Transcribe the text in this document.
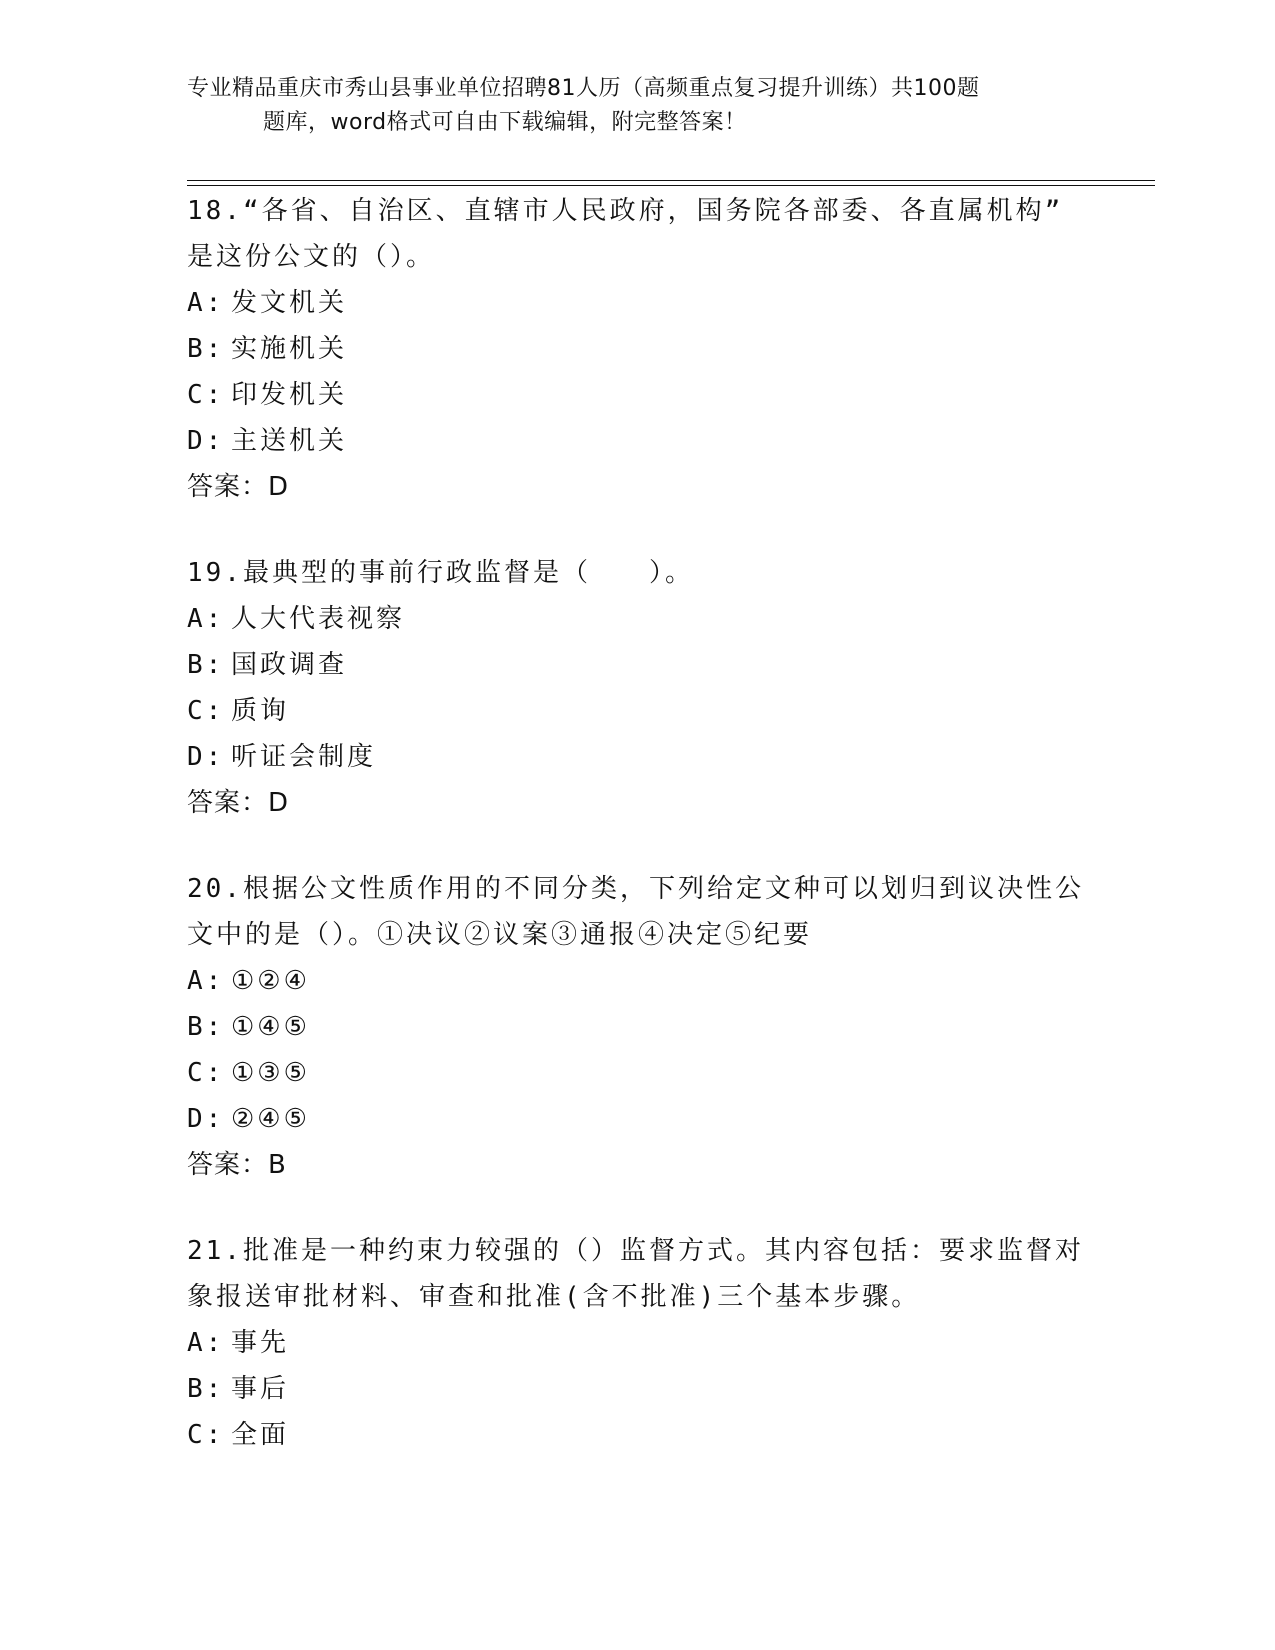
专业精品重庆市秀山县事业单位招聘81人历（高频重点复习提升训练）共100题
题库，word格式可自由下载编辑，附完整答案！
18.“各省、自治区、直辖市人民政府，国务院各部委、各直属机构”
是这份公文的（）。
A: 发文机关
B: 实施机关
C: 印发机关
D: 主送机关
答案：D
19.最典型的事前行政监督是（　　）。
A: 人大代表视察
B: 国政调查
C: 质询
D: 听证会制度
答案：D
20.根据公文性质作用的不同分类，下列给定文种可以划归到议决性公
文中的是（）。①决议②议案③通报④决定⑤纪要
A: ①②④
B: ①④⑤
C: ①③⑤
D: ②④⑤
答案：B
21.批准是一种约束力较强的（）监督方式。其内容包括：要求监督对
象报送审批材料、审查和批准(含不批准)三个基本步骤。
A: 事先
B: 事后
C: 全面
